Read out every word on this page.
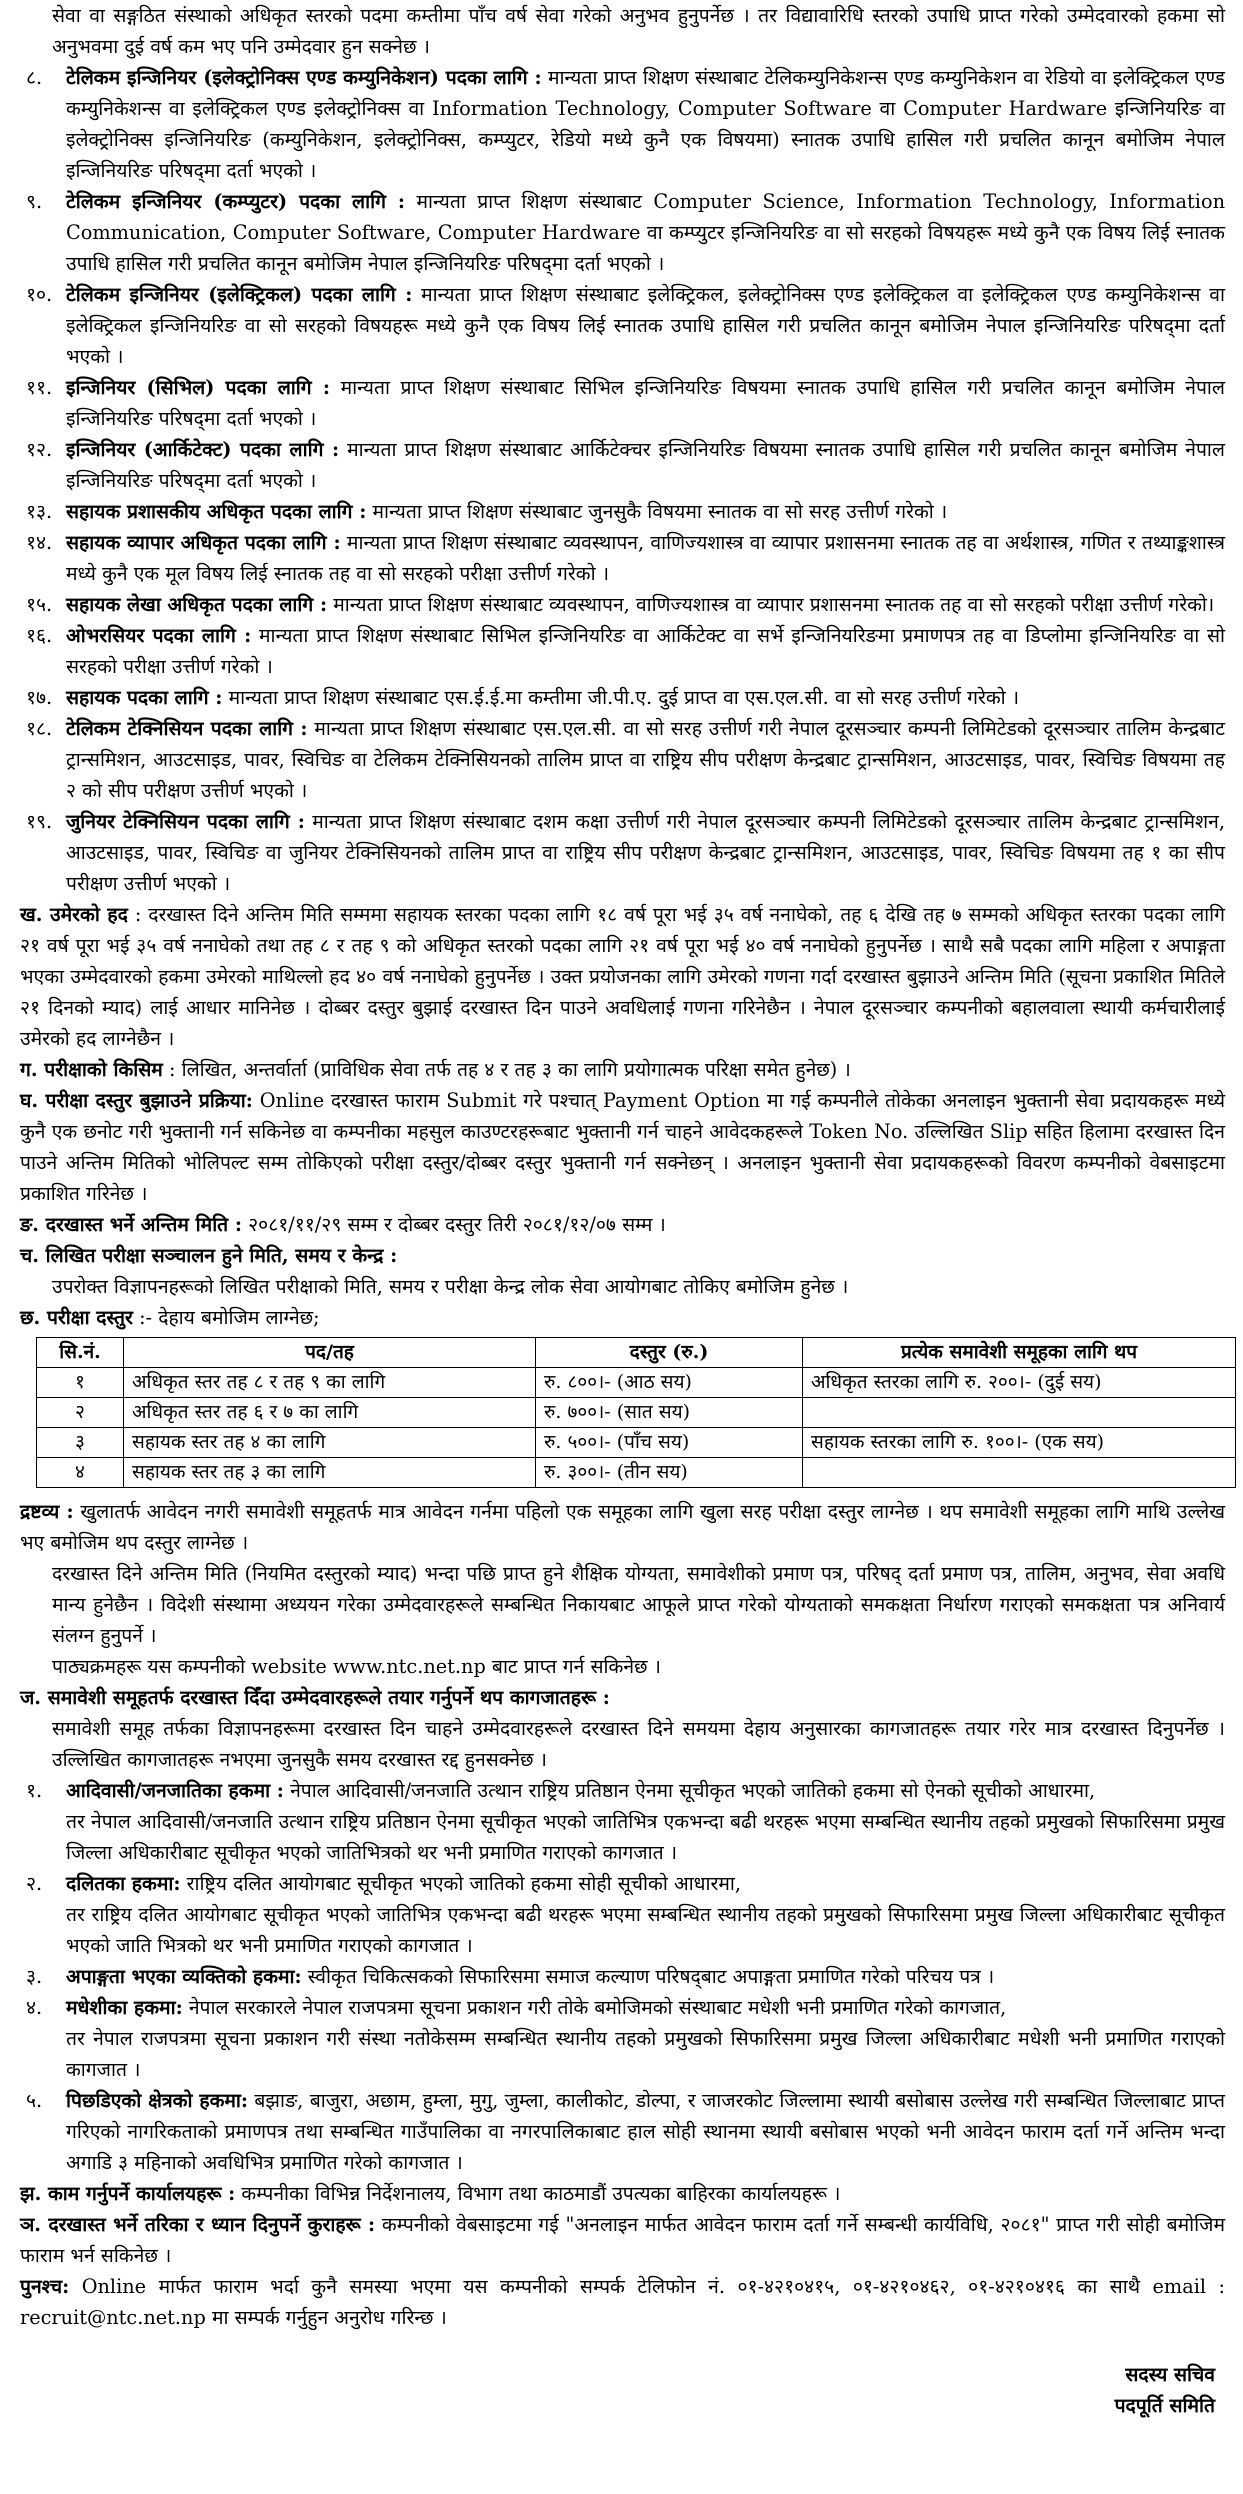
सेवा वा सङ्गठित संस्थाको अधिकृत स्तरको पदमा कम्तीमा पाँच वर्ष सेवा गरेको अनुभव हुनुपर्नेछ । तर विद्यावारिधि स्तरको उपाधि प्राप्त गरेको उम्मेदवारको हकमा सो अनुभवमा दुई वर्ष कम भए पनि उम्मेदवार हुन सक्नेछ ।

८. टेलिकम इन्जिनियर (इलेक्ट्रोनिक्स एण्ड कम्युनिकेशन) पदका लागि : मान्यता प्राप्त शिक्षण संस्थाबाट टेलिकम्युनिकेशन्स एण्ड कम्युनिकेशन वा रेडियो वा इलेक्ट्रिकल एण्ड कम्युनिकेशन्स वा इलेक्ट्रिकल एण्ड इलेक्ट्रोनिक्स वा Information Technology, Computer Software वा Computer Hardware इन्जिनियरिङ वा इलेक्ट्रोनिक्स इन्जिनियरिङ (कम्युनिकेशन, इलेक्ट्रोनिक्स, कम्प्युटर, रेडियो मध्ये कुनै एक विषयमा) स्नातक उपाधि हासिल गरी प्रचलित कानून बमोजिम नेपाल इन्जिनियरिङ परिषद्‍मा दर्ता भएको ।
९. टेलिकम इन्जिनियर (कम्प्युटर) पदका लागि : मान्यता प्राप्त शिक्षण संस्थाबाट Computer Science, Information Technology, Information Communication, Computer Software, Computer Hardware वा कम्प्युटर इन्जिनियरिङ वा सो सरहको विषयहरू मध्ये कुनै एक विषय लिई स्नातक उपाधि हासिल गरी प्रचलित कानून बमोजिम नेपाल इन्जिनियरिङ परिषद्‍मा दर्ता भएको ।
१०. टेलिकम इन्जिनियर (इलेक्ट्रिकल) पदका लागि : मान्यता प्राप्त शिक्षण संस्थाबाट इलेक्ट्रिकल, इलेक्ट्रोनिक्स एण्ड इलेक्ट्रिकल वा इलेक्ट्रिकल एण्ड कम्युनिकेशन्स वा इलेक्ट्रिकल इन्जिनियरिङ वा सो सरहको विषयहरू मध्ये कुनै एक विषय लिई स्नातक उपाधि हासिल गरी प्रचलित कानून बमोजिम नेपाल इन्जिनियरिङ परिषद्‍मा दर्ता भएको ।
११. इन्जिनियर (सिभिल) पदका लागि : मान्यता प्राप्त शिक्षण संस्थाबाट सिभिल इन्जिनियरिङ विषयमा स्नातक उपाधि हासिल गरी प्रचलित कानून बमोजिम नेपाल इन्जिनियरिङ परिषद्‍मा दर्ता भएको ।
१२. इन्जिनियर (आर्किटेक्ट) पदका लागि : मान्यता प्राप्त शिक्षण संस्थाबाट आर्किटेक्चर इन्जिनियरिङ विषयमा स्नातक उपाधि हासिल गरी प्रचलित कानून बमोजिम नेपाल इन्जिनियरिङ परिषद्‍मा दर्ता भएको ।
१३. सहायक प्रशासकीय अधिकृत पदका लागि : मान्यता प्राप्त शिक्षण संस्थाबाट जुनसुकै विषयमा स्नातक वा सो सरह उत्तीर्ण गरेको ।
१४. सहायक व्यापार अधिकृत पदका लागि : मान्यता प्राप्त शिक्षण संस्थाबाट व्यवस्थापन, वाणिज्यशास्त्र वा व्यापार प्रशासनमा स्नातक तह वा अर्थशास्त्र, गणित र तथ्याङ्कशास्त्र मध्ये कुनै एक मूल विषय लिई स्नातक तह वा सो सरहको परीक्षा उत्तीर्ण गरेको ।
१५. सहायक लेखा अधिकृत पदका लागि : मान्यता प्राप्त शिक्षण संस्थाबाट व्यवस्थापन, वाणिज्यशास्त्र वा व्यापार प्रशासनमा स्नातक तह वा सो सरहको परीक्षा उत्तीर्ण गरेको।
१६. ओभरसियर पदका लागि : मान्यता प्राप्त शिक्षण संस्थाबाट सिभिल इन्जिनियरिङ वा आर्किटेक्ट वा सर्भे इन्जिनियरिङमा प्रमाणपत्र तह वा डिप्लोमा इन्जिनियरिङ वा सो सरहको परीक्षा उत्तीर्ण गरेको ।
१७. सहायक पदका लागि : मान्यता प्राप्त शिक्षण संस्थाबाट एस.ई.ई.मा कम्तीमा जी.पी.ए. दुई प्राप्त वा एस.एल.सी. वा सो सरह उत्तीर्ण गरेको ।
१८. टेलिकम टेक्निसियन पदका लागि : मान्यता प्राप्त शिक्षण संस्थाबाट एस.एल.सी. वा सो सरह उत्तीर्ण गरी नेपाल दूरसञ्चार कम्पनी लिमिटेडको दूरसञ्चार तालिम केन्द्रबाट ट्रान्समिशन, आउटसाइड, पावर, स्विचिङ वा टेलिकम टेक्निसियनको तालिम प्राप्त वा राष्ट्रिय सीप परीक्षण केन्द्रबाट ट्रान्समिशन, आउटसाइड, पावर, स्विचिङ विषयमा तह २ को सीप परीक्षण उत्तीर्ण भएको ।
१९. जुनियर टेक्निसियन पदका लागि : मान्यता प्राप्त शिक्षण संस्थाबाट दशम कक्षा उत्तीर्ण गरी नेपाल दूरसञ्चार कम्पनी लिमिटेडको दूरसञ्चार तालिम केन्द्रबाट ट्रान्समिशन, आउटसाइड, पावर, स्विचिङ वा जुनियर टेक्निसियनको तालिम प्राप्त वा राष्ट्रिय सीप परीक्षण केन्द्रबाट ट्रान्समिशन, आउटसाइड, पावर, स्विचिङ विषयमा तह १ का सीप परीक्षण उत्तीर्ण भएको ।

ख. उमेरको हद : दरखास्त दिने अन्तिम मिति सम्ममा सहायक स्तरका पदका लागि १८ वर्ष पूरा भई ३५ वर्ष ननाघेको, तह ६ देखि तह ७ सम्मको अधिकृत स्तरका पदका लागि २१ वर्ष पूरा भई ३५ वर्ष ननाघेको तथा तह ८ र तह ९ को अधिकृत स्तरको पदका लागि २१ वर्ष पूरा भई ४० वर्ष ननाघेको हुनुपर्नेछ । साथै सबै पदका लागि महिला र अपाङ्गता भएका उम्मेदवारको हकमा उमेरको माथिल्लो हद ४० वर्ष ननाघेको हुनुपर्नेछ । उक्त प्रयोजनका लागि उमेरको गणना गर्दा दरखास्त बुझाउने अन्तिम मिति (सूचना प्रकाशित मितिले २१ दिनको म्याद) लाई आधार मानिनेछ । दोब्बर दस्तुर बुझाई दरखास्त दिन पाउने अवधिलाई गणना गरिनेछैन । नेपाल दूरसञ्चार कम्पनीको बहालवाला स्थायी कर्मचारीलाई उमेरको हद लाग्नेछैन ।

ग. परीक्षाको किसिम : लिखित, अन्तर्वार्ता (प्राविधिक सेवा तर्फ तह ४ र तह ३ का लागि प्रयोगात्मक परिक्षा समेत हुनेछ) ।

घ. परीक्षा दस्तुर बुझाउने प्रक्रिया: Online दरखास्त फाराम Submit गरे पश्चात् Payment Option मा गई कम्पनीले तोकेका अनलाइन भुक्तानी सेवा प्रदायकहरू मध्ये कुनै एक छनोट गरी भुक्तानी गर्न सकिनेछ वा कम्पनीका महसुल काउण्टरहरूबाट भुक्तानी गर्न चाहने आवेदकहरूले Token No. उल्लिखित Slip सहित हिलामा दरखास्त दिन पाउने अन्तिम मितिको भोलिपल्ट सम्म तोकिएको परीक्षा दस्तुर/दोब्बर दस्तुर भुक्तानी गर्न सक्नेछन् । अनलाइन भुक्तानी सेवा प्रदायकहरूको विवरण कम्पनीको वेबसाइटमा प्रकाशित गरिनेछ ।

ङ. दरखास्त भर्ने अन्तिम मिति : २०८१/११/२९ सम्म र दोब्बर दस्तुर तिरी २०८१/१२/०७ सम्म ।

च. लिखित परीक्षा सञ्चालन हुने मिति, समय र केन्द्र :

उपरोक्त विज्ञापनहरूको लिखित परीक्षाको मिति, समय र परीक्षा केन्द्र लोक सेवा आयोगबाट तोकिए बमोजिम हुनेछ ।

छ. परीक्षा दस्तुर :- देहाय बमोजिम लाग्नेछ;

सि.नं.	पद/तह	दस्तुर (रु.)	प्रत्येक समावेशी समूहका लागि थप
१	अधिकृत स्तर तह ८ र तह ९ का लागि	रु. ८००।- (आठ सय)	अधिकृत स्तरका लागि रु. २००।- (दुई सय)
२	अधिकृत स्तर तह ६ र ७ का लागि	रु. ७००।- (सात सय)	
३	सहायक स्तर तह ४ का लागि	रु. ५००।- (पाँच सय)	सहायक स्तरका लागि रु. १००।- (एक सय)
४	सहायक स्तर तह ३ का लागि	रु. ३००।- (तीन सय)	

द्रष्टव्य : खुलातर्फ आवेदन नगरी समावेशी समूहतर्फ मात्र आवेदन गर्नमा पहिलो एक समूहका लागि खुला सरह परीक्षा दस्तुर लाग्नेछ । थप समावेशी समूहका लागि माथि उल्लेख भए बमोजिम थप दस्तुर लाग्नेछ ।

दरखास्त दिने अन्तिम मिति (नियमित दस्तुरको म्याद) भन्दा पछि प्राप्त हुने शैक्षिक योग्यता, समावेशीको प्रमाण पत्र, परिषद् दर्ता प्रमाण पत्र, तालिम, अनुभव, सेवा अवधि मान्य हुनेछैन । विदेशी संस्थामा अध्ययन गरेका उम्मेदवारहरूले सम्बन्धित निकायबाट आफूले प्राप्त गरेको योग्यताको समकक्षता निर्धारण गराएको समकक्षता पत्र अनिवार्य संलग्न हुनुपर्ने ।

पाठ्यक्रमहरू यस कम्पनीको website www.ntc.net.np बाट प्राप्त गर्न सकिनेछ ।

ज. समावेशी समूहतर्फ दरखास्त दिँदा उम्मेदवारहरूले तयार गर्नुपर्ने थप कागजातहरू :

समावेशी समूह तर्फका विज्ञापनहरूमा दरखास्त दिन चाहने उम्मेदवारहरूले दरखास्त दिने समयमा देहाय अनुसारका कागजातहरू तयार गरेर मात्र दरखास्त दिनुपर्नेछ । उल्लिखित कागजातहरू नभएमा जुनसुकै समय दरखास्त रद्द हुनसक्नेछ ।

१. आदिवासी/जनजातिका हकमा : नेपाल आदिवासी/जनजाति उत्थान राष्ट्रिय प्रतिष्ठान ऐनमा सूचीकृत भएको जातिको हकमा सो ऐनको सूचीको आधारमा,
तर नेपाल आदिवासी/जनजाति उत्थान राष्ट्रिय प्रतिष्ठान ऐनमा सूचीकृत भएको जातिभित्र एकभन्दा बढी थरहरू भएमा सम्बन्धित स्थानीय तहको प्रमुखको सिफारिसमा प्रमुख जिल्ला अधिकारीबाट सूचीकृत भएको जातिभित्रको थर भनी प्रमाणित गराएको कागजात ।
२. दलितका हकमा: राष्ट्रिय दलित आयोगबाट सूचीकृत भएको जातिको हकमा सोही सूचीको आधारमा,
तर राष्ट्रिय दलित आयोगबाट सूचीकृत भएको जातिभित्र एकभन्दा बढी थरहरू भएमा सम्बन्धित स्थानीय तहको प्रमुखको सिफारिसमा प्रमुख जिल्ला अधिकारीबाट सूचीकृत भएको जाति भित्रको थर भनी प्रमाणित गराएको कागजात ।
३. अपाङ्गता भएका व्यक्तिको हकमा: स्वीकृत चिकित्सकको सिफारिसमा समाज कल्याण परिषद्‍बाट अपाङ्गता प्रमाणित गरेको परिचय पत्र ।
४. मधेशीका हकमा: नेपाल सरकारले नेपाल राजपत्रमा सूचना प्रकाशन गरी तोके बमोजिमको संस्थाबाट मधेशी भनी प्रमाणित गरेको कागजात,
तर नेपाल राजपत्रमा सूचना प्रकाशन गरी संस्था नतोकेसम्म सम्बन्धित स्थानीय तहको प्रमुखको सिफारिसमा प्रमुख जिल्ला अधिकारीबाट मधेशी भनी प्रमाणित गराएको कागजात ।
५. पिछडिएको क्षेत्रको हकमा: बझाङ, बाजुरा, अछाम, हुम्ला, मुगु, जुम्ला, कालीकोट, डोल्पा, र जाजरकोट जिल्लामा स्थायी बसोबास उल्लेख गरी सम्बन्धित जिल्लाबाट प्राप्त गरिएको नागरिकताको प्रमाणपत्र तथा सम्बन्धित गाउँपालिका वा नगरपालिकाबाट हाल सोही स्थानमा स्थायी बसोबास भएको भनी आवेदन फाराम दर्ता गर्ने अन्तिम भन्दा अगाडि ३ महिनाको अवधिभित्र प्रमाणित गरेको कागजात ।

झ. काम गर्नुपर्ने कार्यालयहरू : कम्पनीका विभिन्न निर्देशनालय, विभाग तथा काठमाडौं उपत्यका बाहिरका कार्यालयहरू ।

ञ. दरखास्त भर्ने तरिका र ध्यान दिनुपर्ने कुराहरू : कम्पनीको वेबसाइटमा गई "अनलाइन मार्फत आवेदन फाराम दर्ता गर्ने सम्बन्धी कार्यविधि, २०८१" प्राप्त गरी सोही बमोजिम फाराम भर्न सकिनेछ ।

पुनश्च: Online मार्फत फाराम भर्दा कुनै समस्या भएमा यस कम्पनीको सम्पर्क टेलिफोन नं. ०१-४२१०४१५, ०१-४२१०४६२, ०१-४२१०४१६ का साथै email : recruit@ntc.net.np मा सम्पर्क गर्नुहुन अनुरोध गरिन्छ ।

सदस्य सचिव
पदपूर्ति समिति
